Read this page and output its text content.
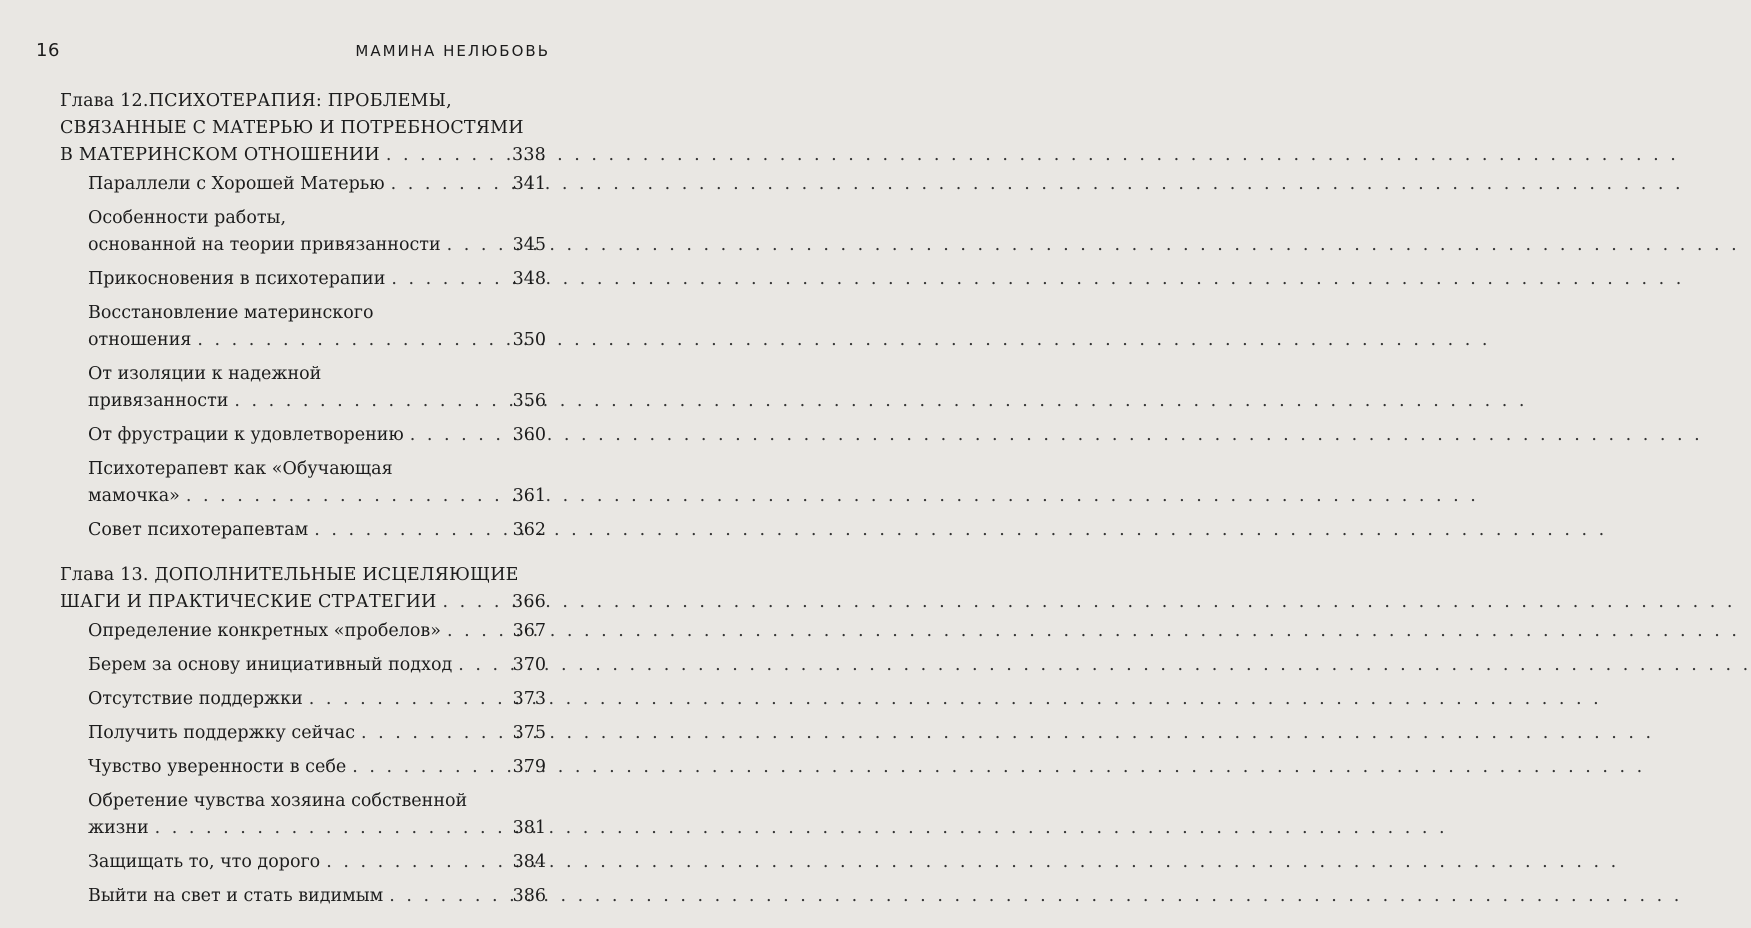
16	МАМИНА НЕЛЮБОВЬ
Глава 12.ПСИХОТЕРАПИЯ: ПРОБЛЕМЫ,
СВЯЗАННЫЕ С МАТЕРЬЮ И ПОТРЕБНОСТЯМИ
В МАТЕРИНСКОМ ОТНОШЕНИИ . . .	338
Параллели с Хорошей Матерью . . .	341
Особенности работы,
основанной на теории привязанности . . .	345
Прикосновения в психотерапии . . .	348
Восстановление материнского
отношения . . .	350
От изоляции к надежной
привязанности . . .	356
От фрустрации к удовлетворению . . .	360
Психотерапевт как «Обучающая
мамочка» . . .	361
Совет психотерапевтам . . .	362
Глава 13. ДОПОЛНИТЕЛЬНЫЕ ИСЦЕЛЯЮЩИЕ
ШАГИ И ПРАКТИЧЕСКИЕ СТРАТЕГИИ . . .	366
Определение конкретных «пробелов» . . .	367
Берем за основу инициативный подход . . .	370
Отсутствие поддержки . . .	373
Получить поддержку сейчас . . .	375
Чувство уверенности в себе . . .	379
Обретение чувства хозяина собственной
жизни . . .	381
Защищать то, что дорого . . .	384
Выйти на свет и стать видимым . . .	386
